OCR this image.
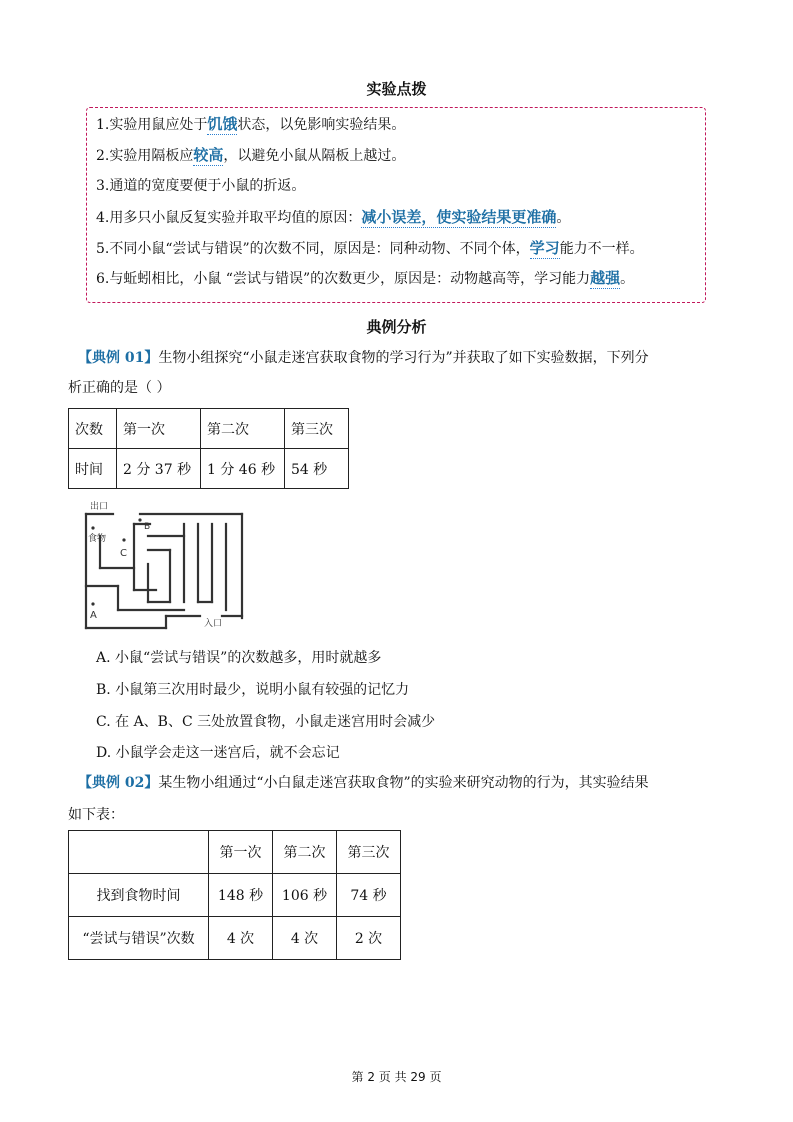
实验点拨
1.实验用鼠应处于饥饿状态，以免影响实验结果。
2.实验用隔板应较高，以避免小鼠从隔板上越过。
3.通道的宽度要便于小鼠的折返。
4.用多只小鼠反复实验并取平均值的原因：减小误差，使实验结果更准确。
5.不同小鼠“尝试与错误”的次数不同，原因是：同种动物、不同个体，学习能力不一样。
6.与蚯蚓相比，小鼠 “尝试与错误”的次数更少，原因是：动物越高等，学习能力越强。
典例分析
【典例 01】生物小组探究“小鼠走迷宫获取食物的学习行为”并获取了如下实验数据，下列分
析正确的是（ ）
次数	第一次	第二次	第三次
时间	2 分 37 秒	1 分 46 秒	54 秒
出口
食物
B
C
A
入口
A. 小鼠“尝试与错误”的次数越多，用时就越多
B. 小鼠第三次用时最少，说明小鼠有较强的记忆力
C. 在 A、B、C 三处放置食物，小鼠走迷宫用时会减少
D. 小鼠学会走这一迷宫后，就不会忘记
【典例 02】某生物小组通过“小白鼠走迷宫获取食物”的实验来研究动物的行为，其实验结果
如下表：
	第一次	第二次	第三次
找到食物时间	148 秒	106 秒	74 秒
“尝试与错误”次数	4 次	4 次	2 次
第 2 页 共 29 页
